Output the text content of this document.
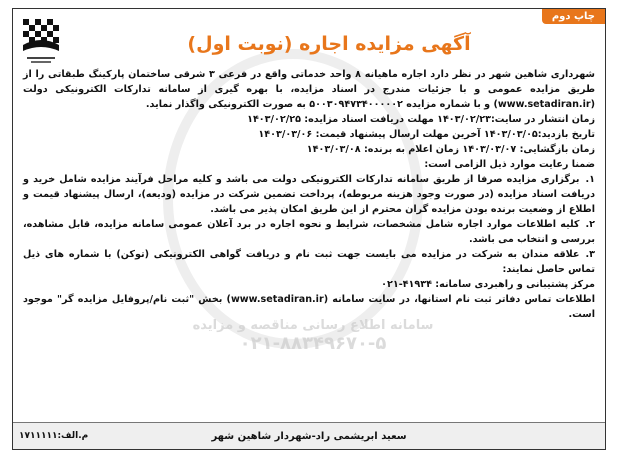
چاپ دوم
آگهی مزایده اجاره (نوبت اول)
سامانه اطلاع رسانی مناقصه و مزایده
۰۲۱-۸۸۳۴۹۶۷۰-۵

شهرداری شاهین شهر در نظر دارد اجاره ماهیانه ۸ واحد خدماتی واقع در فرعی ۳ شرقی ساختمان پارکینگ طبقاتی را از طریق مزایده عمومی و با جزئیات مندرج در اسناد مزایده، با بهره گیری از سامانه تدارکات الکترونیکی دولت (www.setadiran.ir) و با شماره مزایده ۵۰۰۳۰۹۴۷۳۴۰۰۰۰۰۲ به صورت الکترونیکی واگذار نماید.

زمان انتشار در سایت:۱۴۰۳/۰۲/۲۳ مهلت دریافت اسناد مزایده: ۱۴۰۳/۰۲/۲۵

تاریخ بازدید:۱۴۰۳/۰۳/۰۵ آخرین مهلت ارسال پیشنهاد قیمت: ۱۴۰۳/۰۳/۰۶

زمان بازگشایی: ۱۴۰۳/۰۳/۰۷ زمان اعلام به برنده: ۱۴۰۳/۰۳/۰۸

ضمنا رعایت موارد ذیل الزامی است:

۱.برگزاری مزایده صرفا از طریق سامانه تدارکات الکترونیکی دولت می باشد و کلیه مراحل فرآیند مزایده شامل خرید و دریافت اسناد مزایده (در صورت وجود هزینه مربوطه)، پرداخت تضمین شرکت در مزایده (ودیعه)، ارسال پیشنهاد قیمت و اطلاع از وضعیت برنده بودن مزایده گران محترم از این طریق امکان پذیر می باشد.

۲.کلیه اطلاعات موارد اجاره شامل مشخصات، شرایط و نحوه اجاره در برد آعلان عمومی سامانه مزایده، قابل مشاهده، بررسی و انتخاب می باشد.

۳.علاقه مندان به شرکت در مزایده می بایست جهت ثبت نام و دریافت گواهی الکترونیکی (توکن) با شماره های ذیل تماس حاصل نمایند:

مرکز پشتیبانی و راهبردی سامانه: ۴۱۹۳۴-۰۲۱

اطلاعات تماس دفاتر ثبت نام استانها، در سایت سامانه (www.setadiran.ir) بخش "ثبت نام/پروفایل مزایده گر" موجود است.

سعید ابریشمی راد-شهردار شاهین شهر
م.الف:۱۷۱۱۱۱۱
